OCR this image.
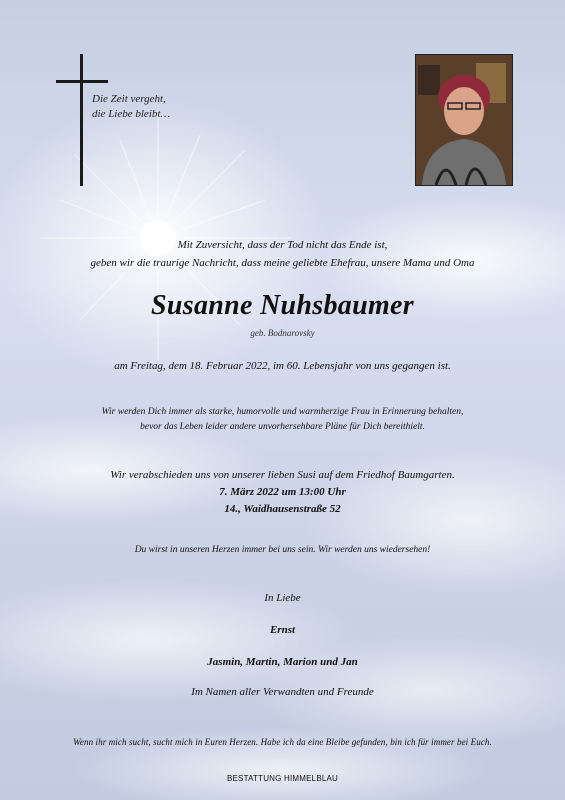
Die Zeit vergeht,
die Liebe bleibt…
Mit Zuversicht, dass der Tod nicht das Ende ist,
geben wir die traurige Nachricht, dass meine geliebte Ehefrau, unsere Mama und Oma
Susanne Nuhsbaumer
geb. Bodnarovsky
am Freitag, dem 18. Februar 2022, im 60. Lebensjahr von uns gegangen ist.
Wir werden Dich immer als starke, humorvolle und warmherzige Frau in Erinnerung behalten,
bevor das Leben leider andere unvorhersehbare Pläne für Dich bereithielt.
Wir verabschieden uns von unserer lieben Susi auf dem Friedhof Baumgarten.
7. März 2022 um 13:00 Uhr
14., Waidhausenstraße 52
Du wirst in unseren Herzen immer bei uns sein. Wir werden uns wiedersehen!
In Liebe
Ernst
Jasmin, Martin, Marion und Jan
Im Namen aller Verwandten und Freunde
Wenn ihr mich sucht, sucht mich in Euren Herzen. Habe ich da eine Bleibe gefunden, bin ich für immer bei Euch.
BESTATTUNG HIMMELBLAU
